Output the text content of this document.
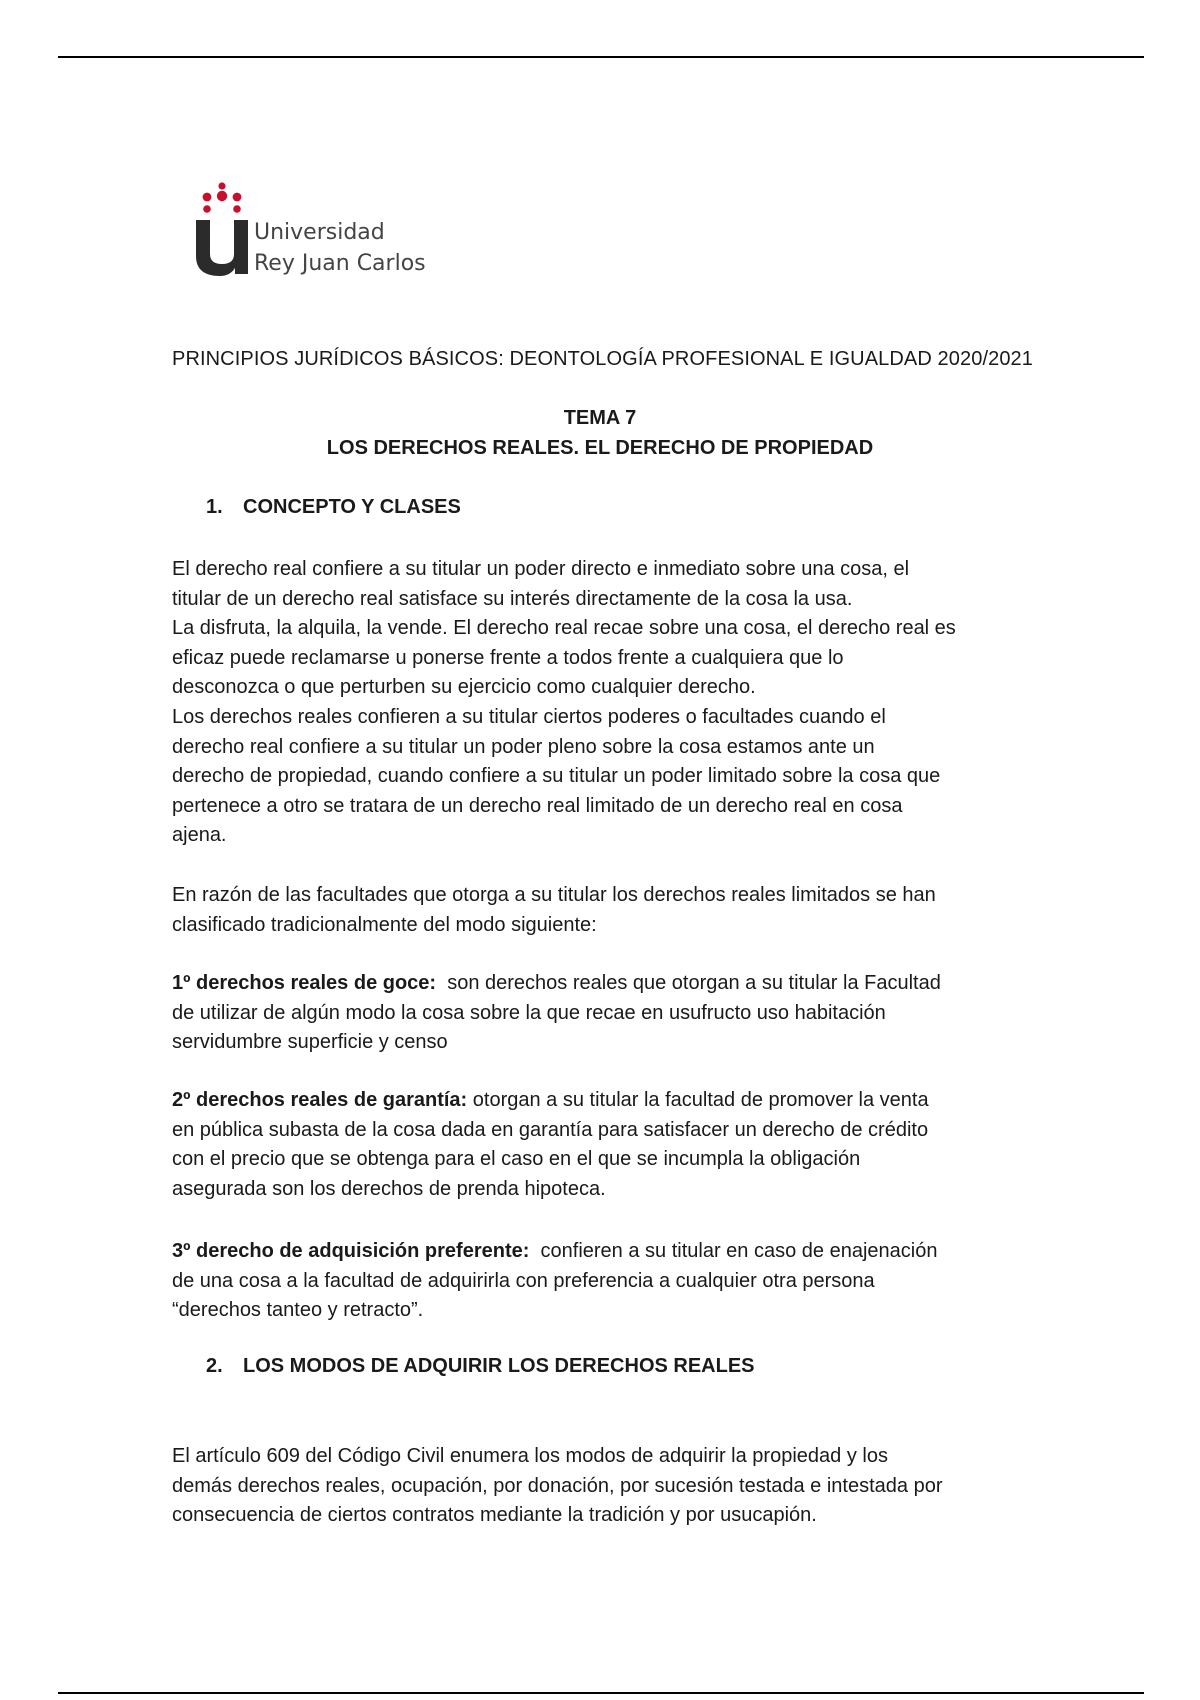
Universidad
Rey Juan Carlos
PRINCIPIOS JURÍDICOS BÁSICOS: DEONTOLOGÍA PROFESIONAL E IGUALDAD 2020/2021
TEMA 7
LOS DERECHOS REALES. EL DERECHO DE PROPIEDAD
1. CONCEPTO Y CLASES
El derecho real confiere a su titular un poder directo e inmediato sobre una cosa, el
titular de un derecho real satisface su interés directamente de la cosa la usa.
La disfruta, la alquila, la vende. El derecho real recae sobre una cosa, el derecho real es
eficaz puede reclamarse u ponerse frente a todos frente a cualquiera que lo
desconozca o que perturben su ejercicio como cualquier derecho.
Los derechos reales confieren a su titular ciertos poderes o facultades cuando el
derecho real confiere a su titular un poder pleno sobre la cosa estamos ante un
derecho de propiedad, cuando confiere a su titular un poder limitado sobre la cosa que
pertenece a otro se tratara de un derecho real limitado de un derecho real en cosa
ajena.
En razón de las facultades que otorga a su titular los derechos reales limitados se han
clasificado tradicionalmente del modo siguiente:
1º derechos reales de goce:  son derechos reales que otorgan a su titular la Facultad
de utilizar de algún modo la cosa sobre la que recae en usufructo uso habitación
servidumbre superficie y censo
2º derechos reales de garantía: otorgan a su titular la facultad de promover la venta
en pública subasta de la cosa dada en garantía para satisfacer un derecho de crédito
con el precio que se obtenga para el caso en el que se incumpla la obligación
asegurada son los derechos de prenda hipoteca.
3º derecho de adquisición preferente:  confieren a su titular en caso de enajenación
de una cosa a la facultad de adquirirla con preferencia a cualquier otra persona
“derechos tanteo y retracto”.
2. LOS MODOS DE ADQUIRIR LOS DERECHOS REALES
El artículo 609 del Código Civil enumera los modos de adquirir la propiedad y los
demás derechos reales, ocupación, por donación, por sucesión testada e intestada por
consecuencia de ciertos contratos mediante la tradición y por usucapión.
